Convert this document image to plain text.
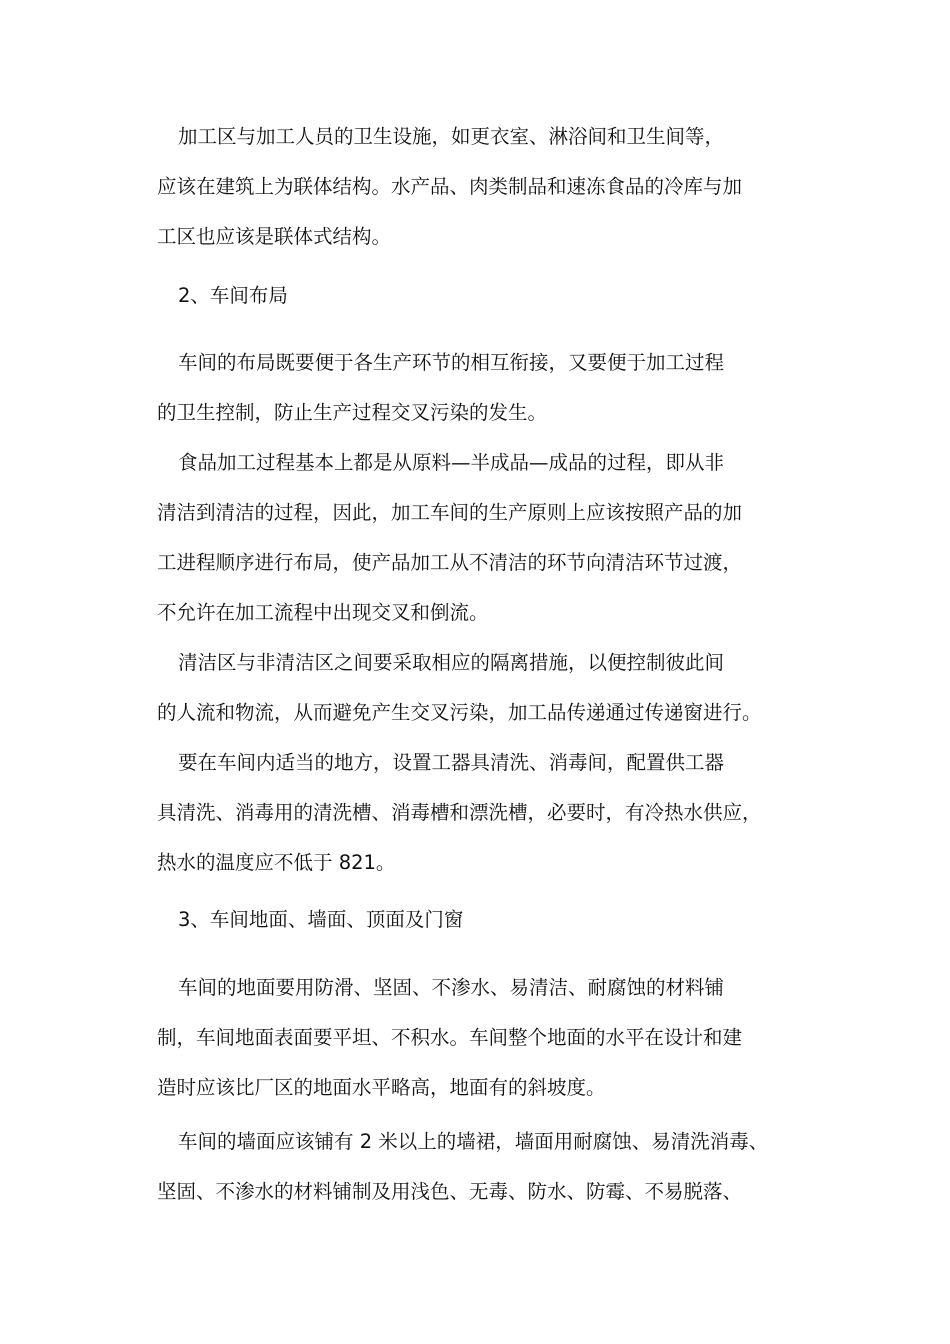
加工区与加工人员的卫生设施，如更衣室、淋浴间和卫生间等，

应该在建筑上为联体结构。水产品、肉类制品和速冻食品的冷库与加

工区也应该是联体式结构。

2、车间布局

车间的布局既要便于各生产环节的相互衔接，又要便于加工过程

的卫生控制，防止生产过程交叉污染的发生。

食品加工过程基本上都是从原料—半成品—成品的过程，即从非

清洁到清洁的过程，因此，加工车间的生产原则上应该按照产品的加

工进程顺序进行布局，使产品加工从不清洁的环节向清洁环节过渡，

不允许在加工流程中出现交叉和倒流。

清洁区与非清洁区之间要采取相应的隔离措施，以便控制彼此间

的人流和物流，从而避免产生交叉污染，加工品传递通过传递窗进行。

要在车间内适当的地方，设置工器具清洗、消毒间，配置供工器

具清洗、消毒用的清洗槽、消毒槽和漂洗槽，必要时，有冷热水供应，

热水的温度应不低于 821。

3、车间地面、墙面、顶面及门窗

车间的地面要用防滑、坚固、不渗水、易清洁、耐腐蚀的材料铺

制，车间地面表面要平坦、不积水。车间整个地面的水平在设计和建

造时应该比厂区的地面水平略高，地面有的斜坡度。

车间的墙面应该铺有 2 米以上的墙裙，墙面用耐腐蚀、易清洗消毒、

坚固、不渗水的材料铺制及用浅色、无毒、防水、防霉、不易脱落、
